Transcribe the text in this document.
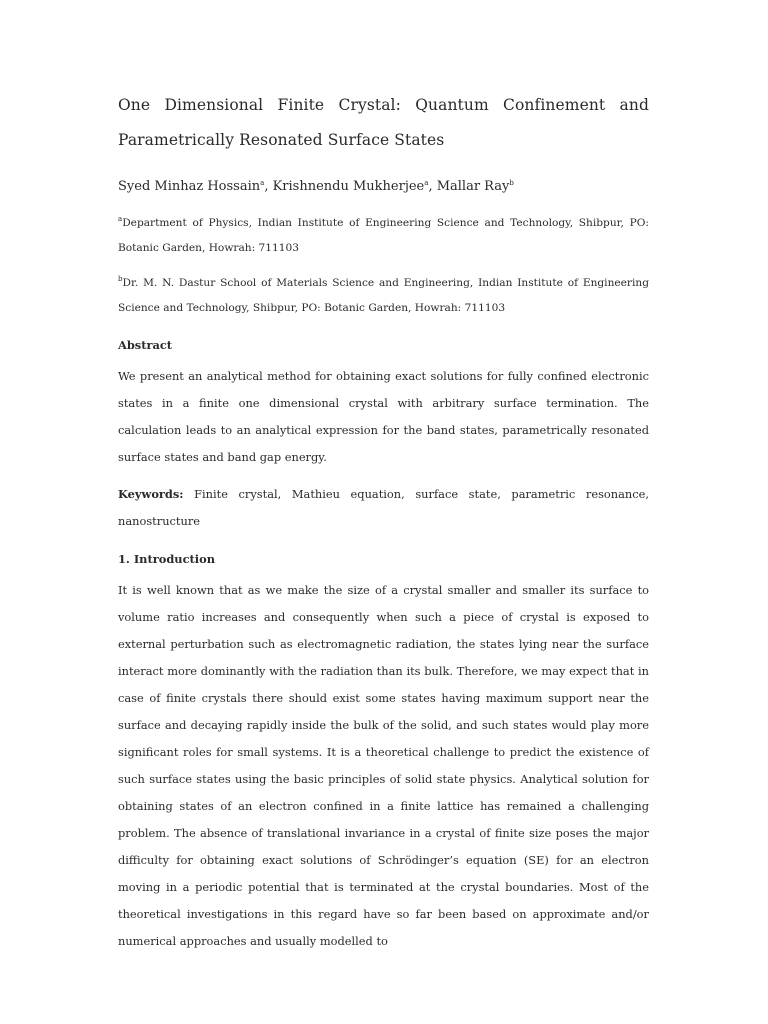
One Dimensional Finite Crystal: Quantum Confinement and
Parametrically Resonated Surface States

Syed Minhaz Hossain$^a$, Krishnendu Mukherjee$^a$, Mallar Ray$^b$

$^a$Department of Physics, Indian Institute of Engineering Science and Technology, Shibpur, PO: Botanic Garden, Howrah: 711103

$^b$Dr. M. N. Dastur School of Materials Science and Engineering, Indian Institute of Engineering Science and Technology, Shibpur, PO: Botanic Garden, Howrah: 711103

Abstract

We present an analytical method for obtaining exact solutions for fully confined electronic states in a finite one dimensional crystal with arbitrary surface termination. The calculation leads to an analytical expression for the band states, parametrically resonated surface states and band gap energy.

Keywords: Finite crystal, Mathieu equation, surface state, parametric resonance, nanostructure

1. Introduction

It is well known that as we make the size of a crystal smaller and smaller its surface to volume ratio increases and consequently when such a piece of crystal is exposed to external perturbation such as electromagnetic radiation, the states lying near the surface interact more dominantly with the radiation than its bulk. Therefore, we may expect that in case of finite crystals there should exist some states having maximum support near the surface and decaying rapidly inside the bulk of the solid, and such states would play more significant roles for small systems. It is a theoretical challenge to predict the existence of such surface states using the basic principles of solid state physics. Analytical solution for obtaining states of an electron confined in a finite lattice has remained a challenging problem. The absence of translational invariance in a crystal of finite size poses the major difficulty for obtaining exact solutions of Schrödinger’s equation (SE) for an electron moving in a periodic potential that is terminated at the crystal boundaries. Most of the theoretical investigations in this regard have so far been based on approximate and/or numerical approaches and usually modelled to
